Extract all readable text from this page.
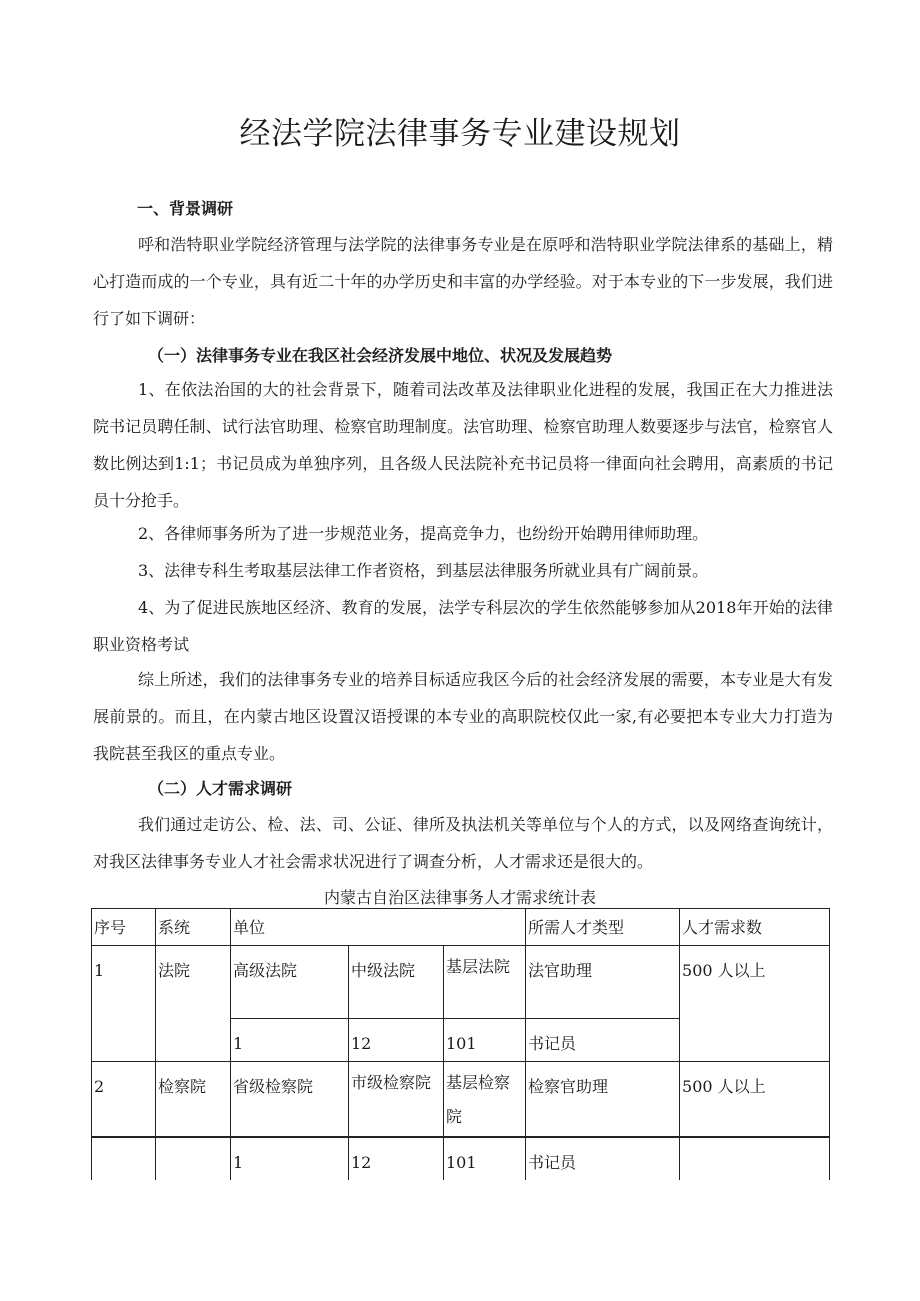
经法学院法律事务专业建设规划
一、背景调研

呼和浩特职业学院经济管理与法学院的法律事务专业是在原呼和浩特职业学院法律系的基础上，精心打造而成的一个专业，具有近二十年的办学历史和丰富的办学经验。对于本专业的下一步发展，我们进行了如下调研：

（一）法律事务专业在我区社会经济发展中地位、状况及发展趋势

1、在依法治国的大的社会背景下，随着司法改革及法律职业化进程的发展，我国正在大力推进法院书记员聘任制、试行法官助理、检察官助理制度。法官助理、检察官助理人数要逐步与法官，检察官人数比例达到1:1；书记员成为单独序列，且各级人民法院补充书记员将一律面向社会聘用，高素质的书记员十分抢手。

2、各律师事务所为了进一步规范业务，提高竞争力，也纷纷开始聘用律师助理。

3、法律专科生考取基层法律工作者资格，到基层法律服务所就业具有广阔前景。

4、为了促进民族地区经济、教育的发展，法学专科层次的学生依然能够参加从2018年开始的法律职业资格考试

综上所述，我们的法律事务专业的培养目标适应我区今后的社会经济发展的需要，本专业是大有发展前景的。而且，在内蒙古地区设置汉语授课的本专业的高职院校仅此一家,有必要把本专业大力打造为我院甚至我区的重点专业。

（二）人才需求调研

我们通过走访公、检、法、司、公证、律所及执法机关等单位与个人的方式，以及网络查询统计，对我区法律事务专业人才社会需求状况进行了调查分析，人才需求还是很大的。

内蒙古自治区法律事务人才需求统计表
序号	系统	单位			所需人才类型	人才需求数
1	法院	高级法院	中级法院	基层法院	法官助理	500 人以上
		1	12	101	书记员	
2	检察院	省级检察院	市级检察院	基层检察院	检察官助理	500 人以上
		1	12	101	书记员	
